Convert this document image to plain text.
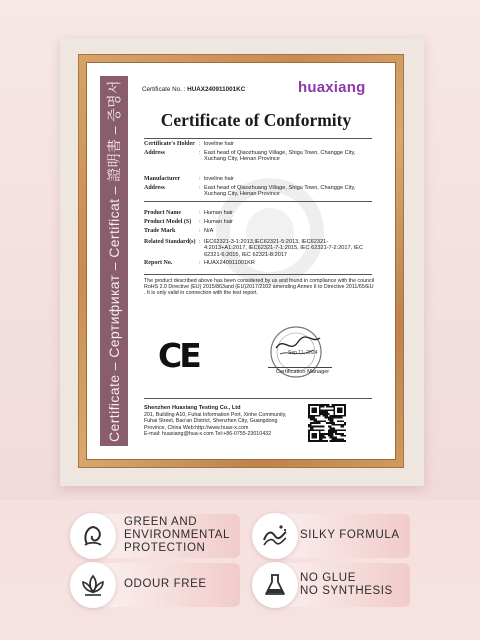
Certificate – Сертификат – Certificat – 證明書 – 증명서	Certificate No. : HUAX240911001KC	huaxiang
Certificate of Conformity
Certificate's Holder : loveline hair
Address	: East head of Qiaozhuang Village, Shigu Town, Changge City, Xuchang City, Henan Province
Manufacturer	: loveline hair
Address	: East head of Qiaozhuang Village, Shigu Town, Changge City, Xuchang City, Henan Province
Product Name	: Human hair
Product Model (S) : Human hair
Trade Mark	: N/A
Related Standard(s) : IEC62321-3-1:2013,IEC62321-5:2013, IEC62321-4:2013+A1:2017, IEC62321-7-1:2015, IEC 62321-7-2:2017, IEC 62321-6:2015, IEC 62321-8:2017
Report No.	: HUAX240911001KR
The product described above has been considered by us and found in compliance with the council RoHS 2.0 Directive (EU) 2015/863and (EU)2017/2102 amending Annex II to Directive 2011/65/EU . It is only valid in connection with the test report.
CE	Sep 11, 2024
Certification Manager
Shenzhen Huaxiang Testing Co., Ltd
201, Building A10, Fuhai Information Port, Xinhe Community,
Fuhai Street, Bao'an District, Shenzhen City, Guangdong
Province, China Web:http://www.huax-x.com
E-mail: huaxiang@hua-x.com Tel:+86-0755-23010432
GREEN AND
ENVIRONMENTAL
PROTECTION
SILKY FORMULA
ODOUR FREE	NO GLUE
NO SYNTHESIS
